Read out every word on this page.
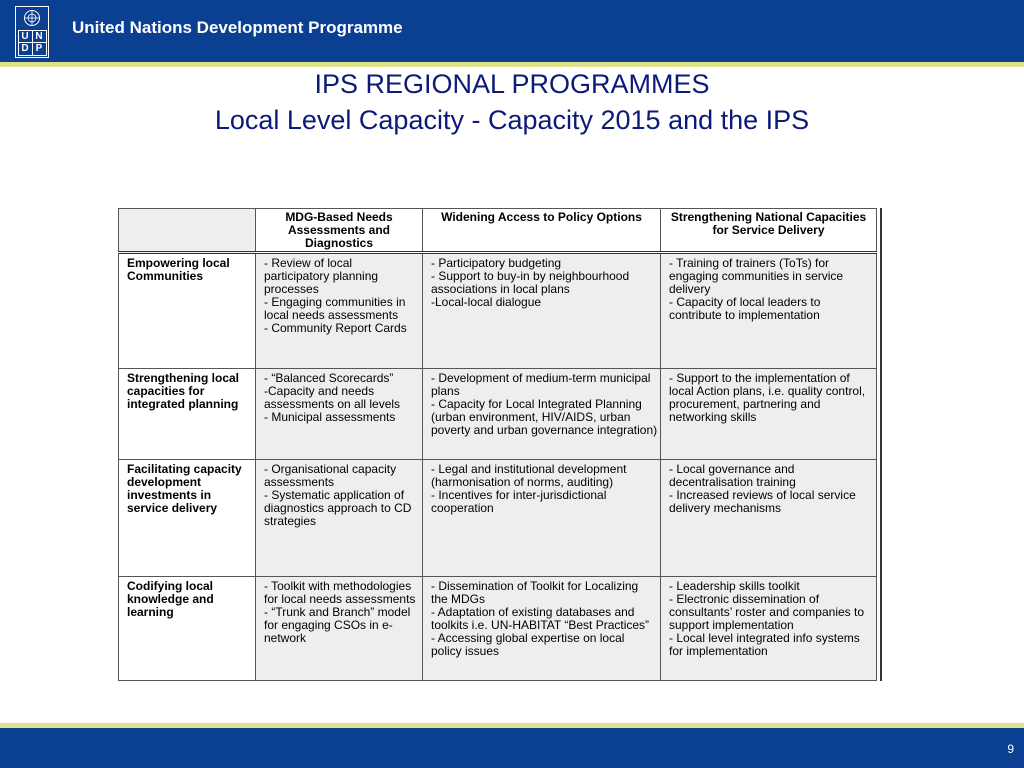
U N
D P
United Nations Development Programme
IPS REGIONAL PROGRAMMES
Local Level Capacity - Capacity 2015 and the IPS
	MDG-Based Needs Assessments and Diagnostics	Widening Access to Policy Options	Strengthening National Capacities for Service Delivery
Empowering local Communities	- Review of local participatory planning processes
- Engaging communities in local needs assessments
- Community Report Cards	- Participatory budgeting
- Support to buy-in by neighbourhood associations in local plans
-Local-local dialogue	- Training of trainers (ToTs) for engaging communities in service delivery
- Capacity of local leaders to contribute to implementation

Strengthening local capacities for integrated planning	- “Balanced Scorecards”
-Capacity and needs assessments on all levels
- Municipal assessments	- Development of medium-term municipal plans
- Capacity for Local Integrated Planning (urban environment, HIV/AIDS, urban poverty and urban governance integration)	- Support to the implementation of local Action plans, i.e. quality control, procurement, partnering and networking skills

Facilitating capacity development investments in service delivery	- Organisational capacity assessments
- Systematic application of diagnostics approach to CD strategies	- Legal and institutional development (harmonisation of norms, auditing)
- Incentives for inter-jurisdictional cooperation	- Local governance and decentralisation training
- Increased reviews of local service delivery mechanisms

Codifying local knowledge and learning	- Toolkit with methodologies for local needs assessments
- “Trunk and Branch” model for engaging CSOs in e-network	- Dissemination of Toolkit for Localizing the MDGs
- Adaptation of existing databases and toolkits i.e. UN-HABITAT “Best Practices”
- Accessing global expertise on local policy issues	- Leadership skills toolkit
- Electronic dissemination of consultants’ roster and companies to support implementation
- Local level integrated info systems for implementation
9
